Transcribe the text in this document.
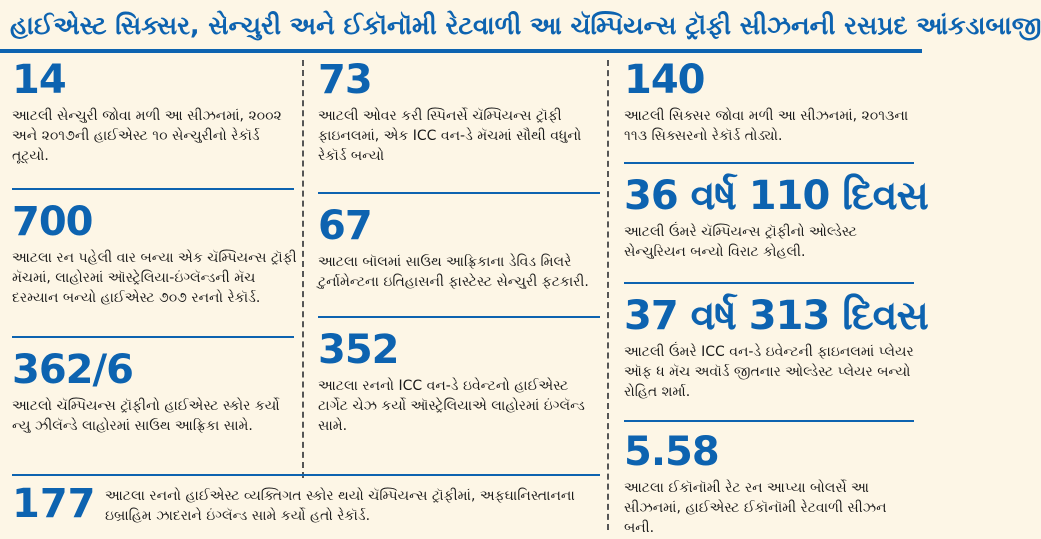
હાઈએસ્ટ સિક્સર, સેન્ચુરી અને ઈકૉનૉમી રેટવાળી આ ચૅમ્પિયન્સ ટ્રૉફી સીઝનની રસપ્રદ આંકડાબાજી
14
આટલી સેન્ચુરી જોવા મળી આ સીઝનમાં, ૨૦૦૨ અને ૨૦૧૭ની હાઈએસ્ટ ૧૦ સેન્ચુરીનો રેકૉર્ડ તૂટ્યો.
700
આટલા રન પહેલી વાર બન્યા એક ચૅમ્પિયન્સ ટ્રૉફી મૅચમાં, લાહોરમાં ઑસ્ટ્રેલિયા-ઇંગ્લૅન્ડની મૅચ દરમ્યાન બન્યો હાઈએસ્ટ ૭૦૭ રનનો રેકૉર્ડ.
362/6
આટલો ચૅમ્પિયન્સ ટ્રૉફીનો હાઈએસ્ટ સ્કોર કર્યો ન્યુ ઝીલૅન્ડે લાહોરમાં સાઉથ આફ્રિકા સામે.
73
આટલી ઓવર કરી સ્પિનર્સે ચૅમ્પિયન્સ ટ્રૉફી ફાઇનલમાં, એક ICC વન-ડે મૅચમાં સૌથી વધુનો રેકૉર્ડ બન્યો
67
આટલા બૉલમાં સાઉથ આફ્રિકાના ડેવિડ મિલરે ટુર્નામેન્ટના ઇતિહાસની ફાસ્ટેસ્ટ સેન્ચુરી ફટકારી.
352
આટલા રનનો ICC વન-ડે ઇવેન્ટનો હાઈએસ્ટ ટાર્ગેટ ચેઝ કર્યો ઑસ્ટ્રેલિયાએ લાહોરમાં ઇંગ્લૅન્ડ સામે.
140
આટલી સિક્સર જોવા મળી આ સીઝનમાં, ૨૦૧૩ના ૧૧૩ સિક્સરનો રેકૉર્ડ તોડ્યો.
36 વર્ષ 110 દિવસ
આટલી ઉંમરે ચૅમ્પિયન્સ ટ્રૉફીનો ઓલ્ડેસ્ટ સેન્ચુરિયન બન્યો વિરાટ કોહલી.
37 વર્ષ 313 દિવસ
આટલી ઉંમરે ICC વન-ડે ઇવેન્ટની ફાઇનલમાં પ્લેયર ઑફ ધ મૅચ અવૉર્ડ જીતનાર ઓલ્ડેસ્ટ પ્લેયર બન્યો રોહિત શર્મા.
5.58
આટલા ઈકૉનૉમી રેટ રન આપ્યા બોલર્સે આ સીઝનમાં, હાઈએસ્ટ ઈકૉનૉમી રેટવાળી સીઝન બની.
177 આટલા રનનો હાઈએસ્ટ વ્યક્તિગત સ્કોર થયો ચૅમ્પિયન્સ ટ્રૉફીમાં, અફઘાનિસ્તાનના ઇબ્રાહિમ ઝાદરાને ઇંગ્લૅન્ડ સામે કર્યો હતો રેકૉર્ડ.
